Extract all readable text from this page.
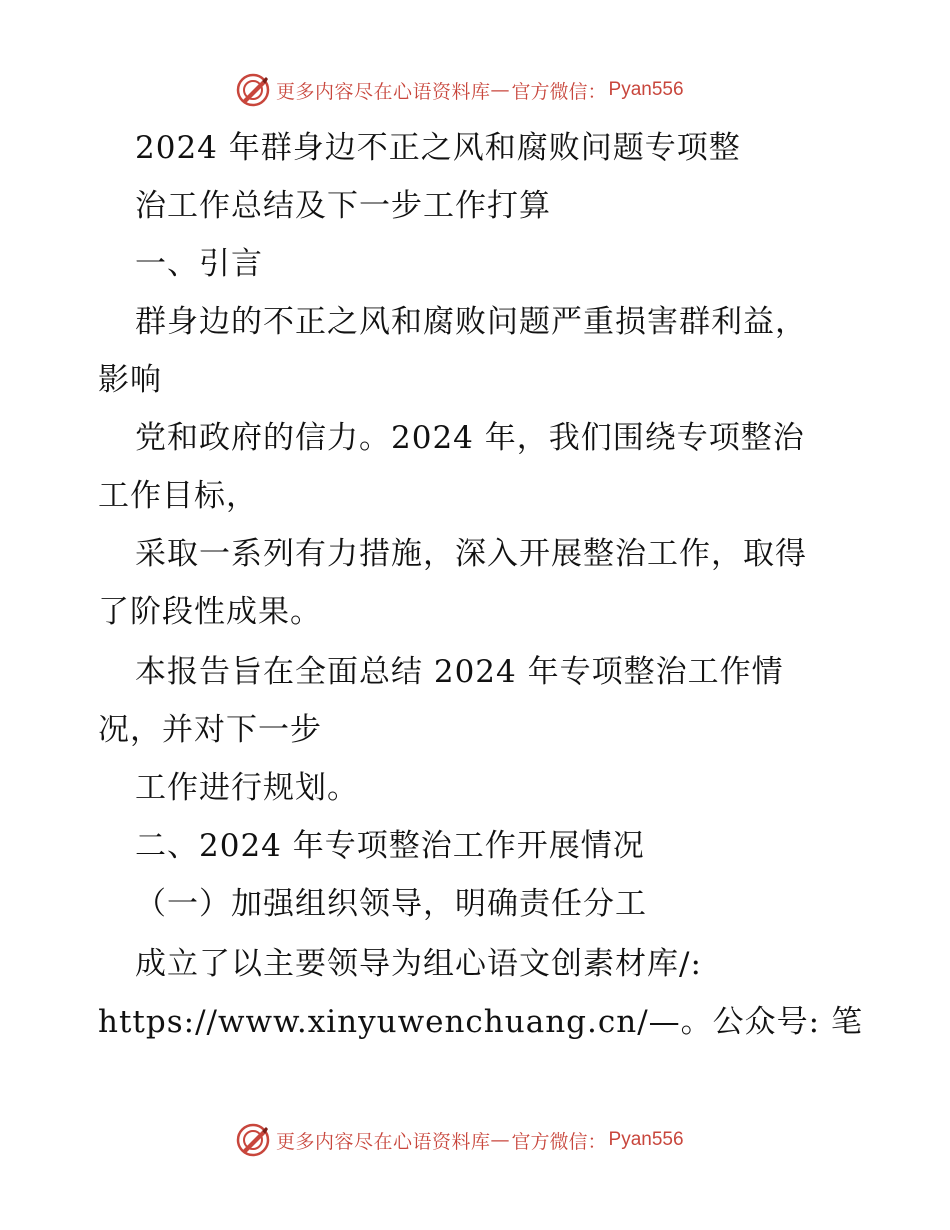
更多内容尽在心语资料库 — 官方微信： Pyan556
2024 年群身边不正之风和腐败问题专项整
治工作总结及下一步工作打算
一、引言
群身边的不正之风和腐败问题严重损害群利益，
影响
党和政府的信力。2024 年，我们围绕专项整治
工作目标，
采取一系列有力措施，深入开展整治工作，取得
了阶段性成果。
本报告旨在全面总结 2024 年专项整治工作情
况，并对下一步
工作进行规划。
二、2024 年专项整治工作开展情况
（一）加强组织领导，明确责任分工
成立了以主要领导为组心语文创素材库/:
https://www.xinyuwenchuang.cn/—。公众号: 笔
更多内容尽在心语资料库 — 官方微信： Pyan556
